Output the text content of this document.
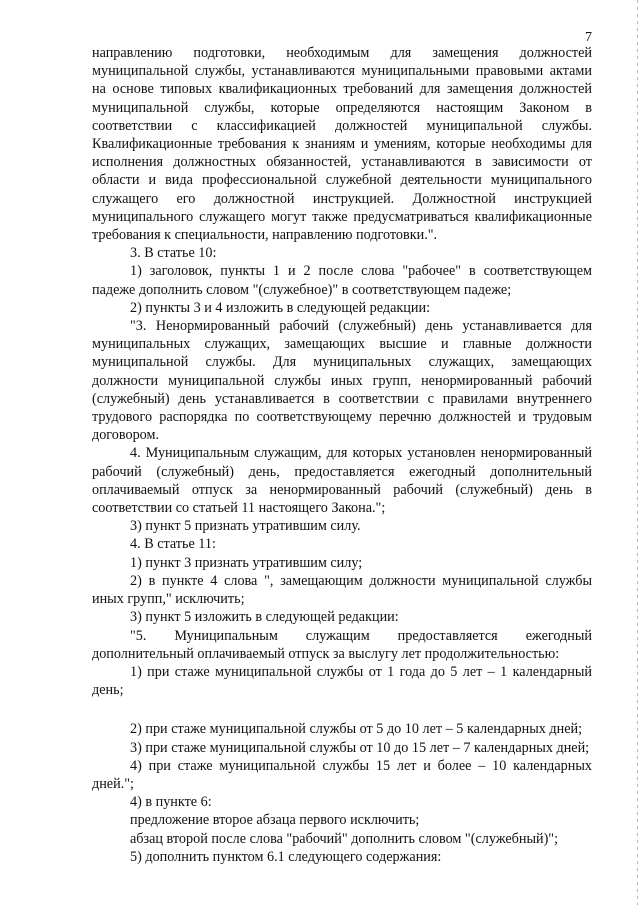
7

направлению подготовки, необходимым для замещения должностей муниципальной службы, устанавливаются муниципальными правовыми актами на основе типовых квалификационных требований для замещения должностей муниципальной службы, которые определяются настоящим Законом в соответствии с классификацией должностей муниципальной службы. Квалификационные требования к знаниям и умениям, которые необходимы для исполнения должностных обязанностей, устанавливаются в зависимости от области и вида профессиональной служебной деятельности муниципального служащего его должностной инструкцией. Должностной инструкцией муниципального служащего могут также предусматриваться квалификационные требования к специальности, направлению подготовки.".

3. В статье 10:

1) заголовок, пункты 1 и 2 после слова "рабочее" в соответствующем падеже дополнить словом "(служебное)" в соответствующем падеже;

2) пункты 3 и 4 изложить в следующей редакции:

"3. Ненормированный рабочий (служебный) день устанавливается для муниципальных служащих, замещающих высшие и главные должности муниципальной службы. Для муниципальных служащих, замещающих должности муниципальной службы иных групп, ненормированный рабочий (служебный) день устанавливается в соответствии с правилами внутреннего трудового распорядка по соответствующему перечню должностей и трудовым договором.

4. Муниципальным служащим, для которых установлен ненормированный рабочий (служебный) день, предоставляется ежегодный дополнительный оплачиваемый отпуск за ненормированный рабочий (служебный) день в соответствии со статьей 11 настоящего Закона.";

3) пункт 5 признать утратившим силу.

4. В статье 11:

1) пункт 3 признать утратившим силу;

2) в пункте 4 слова ", замещающим должности муниципальной службы иных групп," исключить;

3) пункт 5 изложить в следующей редакции:

"5. Муниципальным служащим предоставляется ежегодный дополнительный оплачиваемый отпуск за выслугу лет продолжительностью:

1) при стаже муниципальной службы от 1 года до 5 лет – 1 календарный день;

2) при стаже муниципальной службы от 5 до 10 лет – 5 календарных дней;

3) при стаже муниципальной службы от 10 до 15 лет – 7 календарных дней;

4) при стаже муниципальной службы 15 лет и более – 10 календарных дней.";

4) в пункте 6:

предложение второе абзаца первого исключить;

абзац второй после слова "рабочий" дополнить словом "(служебный)";

5) дополнить пунктом 6.1 следующего содержания:
